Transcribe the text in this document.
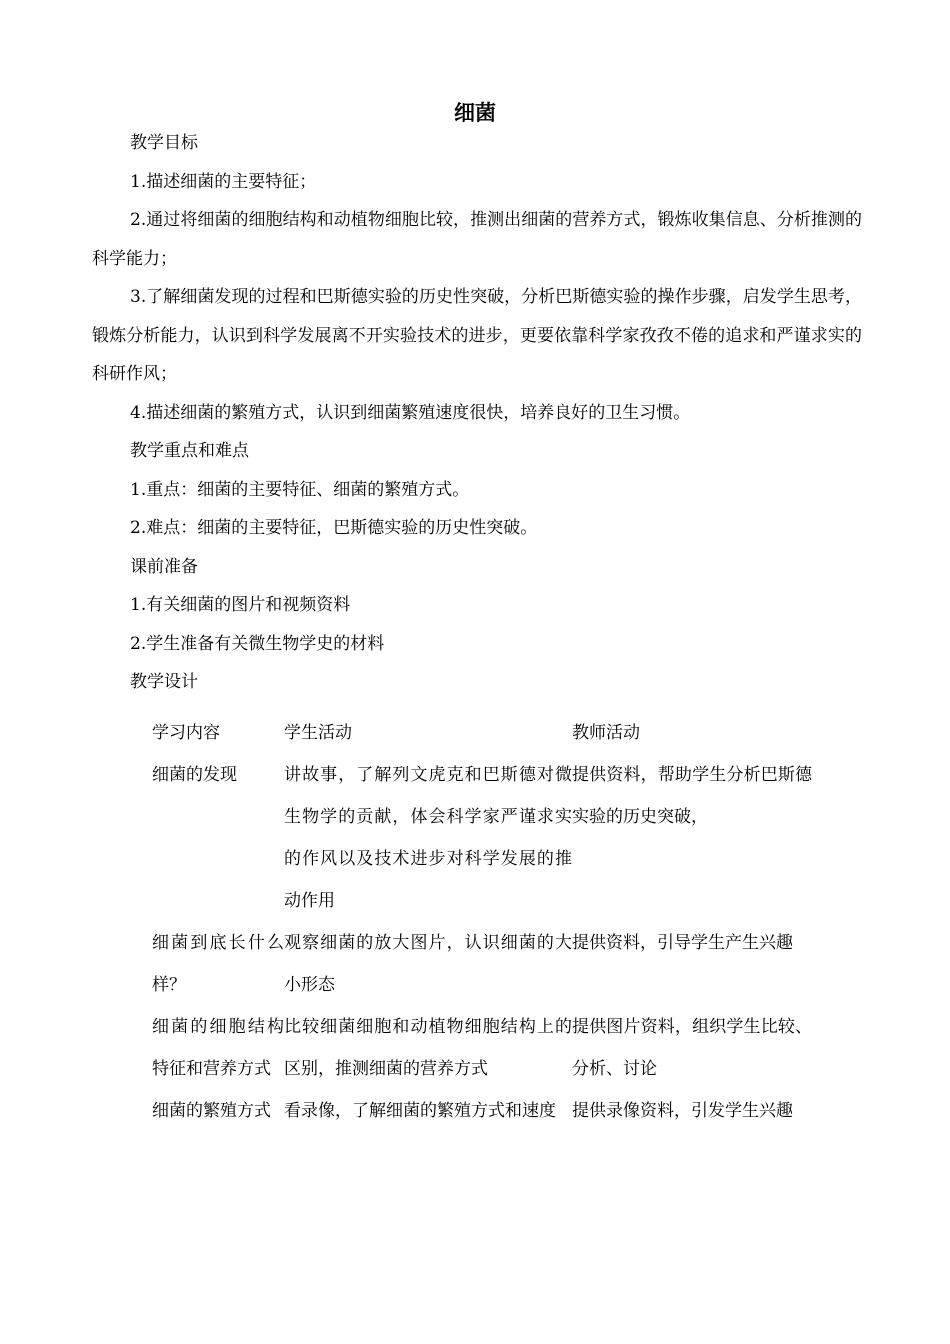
细菌

教学目标

1.描述细菌的主要特征；

2.通过将细菌的细胞结构和动植物细胞比较，推测出细菌的营养方式，锻炼收集信息、分析推测的科学能力；

3.了解细菌发现的过程和巴斯德实验的历史性突破，分析巴斯德实验的操作步骤，启发学生思考，锻炼分析能力，认识到科学发展离不开实验技术的进步，更要依靠科学家孜孜不倦的追求和严谨求实的科研作风；

4.描述细菌的繁殖方式，认识到细菌繁殖速度很快，培养良好的卫生习惯。

教学重点和难点

1.重点：细菌的主要特征、细菌的繁殖方式。

2.难点：细菌的主要特征，巴斯德实验的历史性突破。

课前准备

1.有关细菌的图片和视频资料

2.学生准备有关微生物学史的材料

教学设计

学习内容	学生活动	教师活动

细菌的发现	讲故事，了解列文虎克和巴斯德对微生物学的贡献，体会科学家严谨求实的作风以及技术进步对科学发展的推动作用	提供资料，帮助学生分析巴斯德实验的历史突破，

细菌到底长什么样？	观察细菌的放大图片，认识细菌的大小形态	提供资料，引导学生产生兴趣

细菌的细胞结构特征和营养方式	比较细菌细胞和动植物细胞结构上的区别，推测细菌的营养方式	提供图片资料，组织学生比较、分析、讨论

细菌的繁殖方式	看录像，了解细菌的繁殖方式和速度	提供录像资料，引发学生兴趣
